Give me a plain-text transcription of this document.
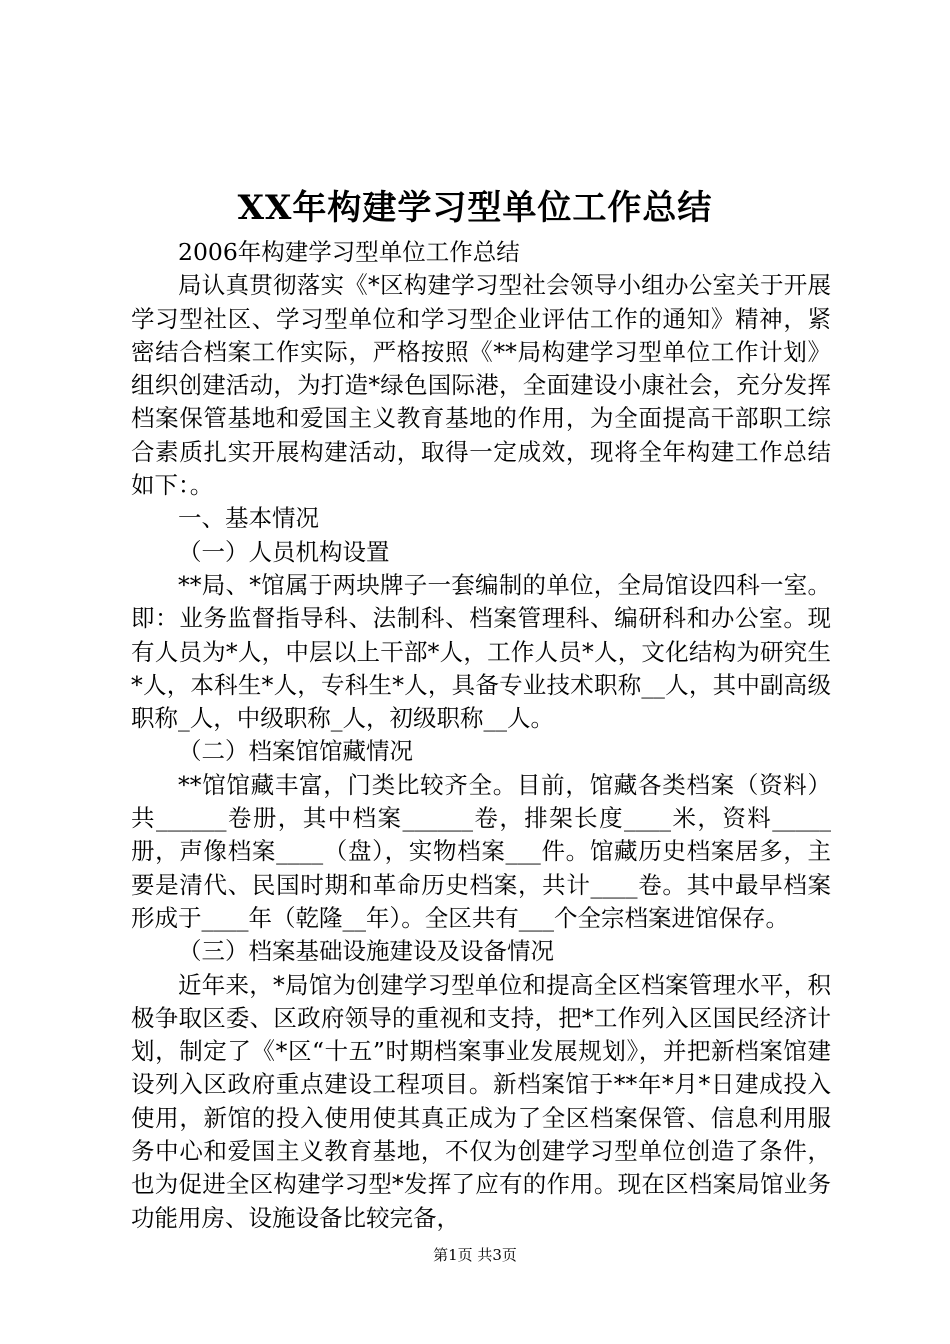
XX年构建学习型单位工作总结

2006年构建学习型单位工作总结

局认真贯彻落实《*区构建学习型社会领导小组办公室关于开展学习型社区、学习型单位和学习型企业评估工作的通知》精神，紧密结合档案工作实际，严格按照《**局构建学习型单位工作计划》组织创建活动，为打造*绿色国际港，全面建设小康社会，充分发挥档案保管基地和爱国主义教育基地的作用，为全面提高干部职工综合素质扎实开展构建活动，取得一定成效，现将全年构建工作总结如下：。

一、基本情况

（一）人员机构设置

**局、*馆属于两块牌子一套编制的单位，全局馆设四科一室。即：业务监督指导科、法制科、档案管理科、编研科和办公室。现有人员为*人，中层以上干部*人，工作人员*人，文化结构为研究生*人，本科生*人，专科生*人，具备专业技术职称__人，其中副高级职称_人，中级职称_人，初级职称__人。

（二）档案馆馆藏情况

**馆馆藏丰富，门类比较齐全。目前，馆藏各类档案（资料）共______卷册，其中档案______卷，排架长度____米，资料_____册，声像档案____（盘），实物档案___件。馆藏历史档案居多，主要是清代、民国时期和革命历史档案，共计____卷。其中最早档案形成于____年（乾隆__年）。全区共有___个全宗档案进馆保存。

（三）档案基础设施建设及设备情况

近年来，*局馆为创建学习型单位和提高全区档案管理水平，积极争取区委、区政府领导的重视和支持，把*工作列入区国民经济计划，制定了《*区“十五”时期档案事业发展规划》，并把新档案馆建设列入区政府重点建设工程项目。新档案馆于**年*月*日建成投入使用，新馆的投入使用使其真正成为了全区档案保管、信息利用服务中心和爱国主义教育基地，不仅为创建学习型单位创造了条件，也为促进全区构建学习型*发挥了应有的作用。现在区档案局馆业务功能用房、设施设备比较完备，

第1页 共3页
